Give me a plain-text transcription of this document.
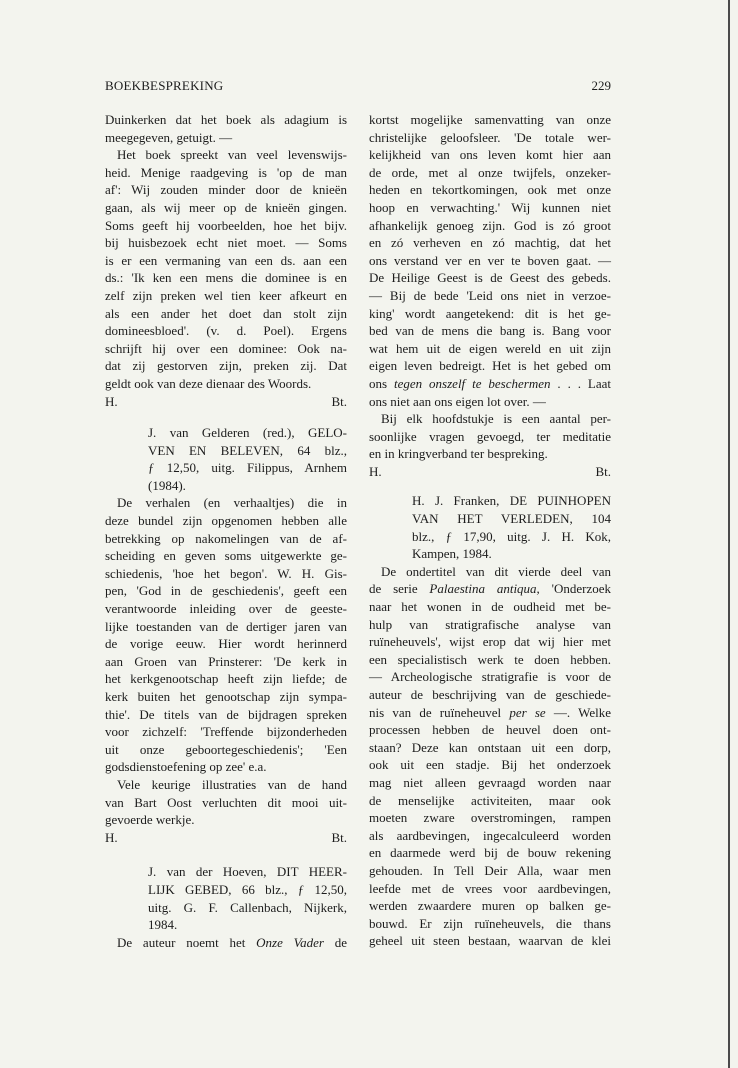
BOEKBESPREKING	229
Duinkerken dat het boek als adagium is
meegegeven, getuigt. —
Het boek spreekt van veel levenswijs-
heid. Menige raadgeving is 'op de man
af': Wij zouden minder door de knieën
gaan, als wij meer op de knieën gingen.
Soms geeft hij voorbeelden, hoe het bijv.
bij huisbezoek echt niet moet. — Soms
is er een vermaning van een ds. aan een
ds.: 'Ik ken een mens die dominee is en
zelf zijn preken wel tien keer afkeurt en
als een ander het doet dan stolt zijn
domineesbloed'. (v. d. Poel). Ergens
schrijft hij over een dominee: Ook na-
dat zij gestorven zijn, preken zij. Dat
geldt ook van deze dienaar des Woords.
H.	Bt.
J. van Gelderen (red.), GELO-
VEN EN BELEVEN, 64 blz.,
ƒ 12,50, uitg. Filippus, Arnhem
(1984).
De verhalen (en verhaaltjes) die in
deze bundel zijn opgenomen hebben alle
betrekking op nakomelingen van de af-
scheiding en geven soms uitgewerkte ge-
schiedenis, 'hoe het begon'. W. H. Gis-
pen, 'God in de geschiedenis', geeft een
verantwoorde inleiding over de geeste-
lijke toestanden van de dertiger jaren van
de vorige eeuw. Hier wordt herinnerd
aan Groen van Prinsterer: 'De kerk in
het kerkgenootschap heeft zijn liefde; de
kerk buiten het genootschap zijn sympa-
thie'. De titels van de bijdragen spreken
voor zichzelf: 'Treffende bijzonderheden
uit onze geboortegeschiedenis'; 'Een
godsdienstoefening op zee' e.a.
Vele keurige illustraties van de hand
van Bart Oost verluchten dit mooi uit-
gevoerde werkje.
H.	Bt.
J. van der Hoeven, DIT HEER-
LIJK GEBED, 66 blz., ƒ 12,50,
uitg. G. F. Callenbach, Nijkerk,
1984.
De auteur noemt het Onze Vader de
kortst mogelijke samenvatting van onze
christelijke geloofsleer. 'De totale wer-
kelijkheid van ons leven komt hier aan
de orde, met al onze twijfels, onzeker-
heden en tekortkomingen, ook met onze
hoop en verwachting.' Wij kunnen niet
afhankelijk genoeg zijn. God is zó groot
en zó verheven en zó machtig, dat het
ons verstand ver en ver te boven gaat. —
De Heilige Geest is de Geest des gebeds.
— Bij de bede 'Leid ons niet in verzoe-
king' wordt aangetekend: dit is het ge-
bed van de mens die bang is. Bang voor
wat hem uit de eigen wereld en uit zijn
eigen leven bedreigt. Het is het gebed om
ons tegen onszelf te beschermen . . . Laat
ons niet aan ons eigen lot over. —
Bij elk hoofdstukje is een aantal per-
soonlijke vragen gevoegd, ter meditatie
en in kringverband ter bespreking.
H.	Bt.
H. J. Franken, DE PUINHOPEN
VAN HET VERLEDEN, 104
blz., ƒ 17,90, uitg. J. H. Kok,
Kampen, 1984.
De ondertitel van dit vierde deel van
de serie Palaestina antiqua, 'Onderzoek
naar het wonen in de oudheid met be-
hulp van stratigrafische analyse van
ruïneheuvels', wijst erop dat wij hier met
een specialistisch werk te doen hebben.
— Archeologische stratigrafie is voor de
auteur de beschrijving van de geschiede-
nis van de ruïneheuvel per se —. Welke
processen hebben de heuvel doen ont-
staan? Deze kan ontstaan uit een dorp,
ook uit een stadje. Bij het onderzoek
mag niet alleen gevraagd worden naar
de menselijke activiteiten, maar ook
moeten zware overstromingen, rampen
als aardbevingen, ingecalculeerd worden
en daarmede werd bij de bouw rekening
gehouden. In Tell Deir Alla, waar men
leefde met de vrees voor aardbevingen,
werden zwaardere muren op balken ge-
bouwd. Er zijn ruïneheuvels, die thans
geheel uit steen bestaan, waarvan de klei
